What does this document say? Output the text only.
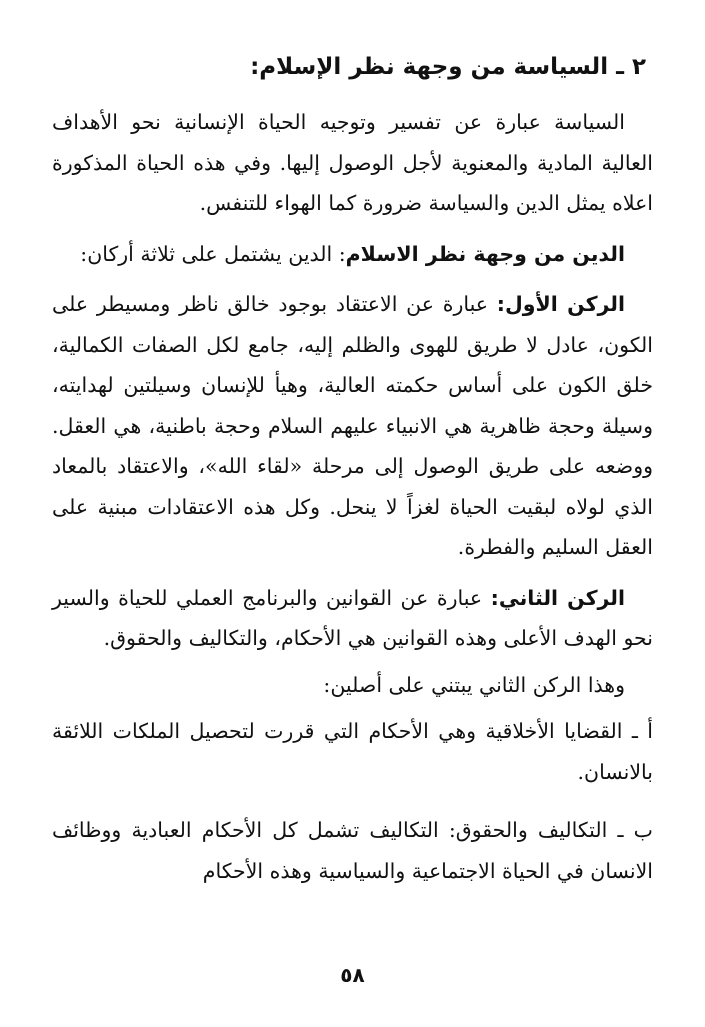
٢ ـ السياسة من وجهة نظر الإسلام:

السياسة عبارة عن تفسير وتوجيه الحياة الإنسانية نحو الأهداف العالية المادية والمعنوية لأجل الوصول إليها. وفي هذه الحياة المذكورة اعلاه يمثل الدين والسياسة ضرورة كما الهواء للتنفس.

الدين من وجهة نظر الاسلام: الدين يشتمل على ثلاثة أركان:

الركن الأول: عبارة عن الاعتقاد بوجود خالق ناظر ومسيطر على الكون، عادل لا طريق للهوى والظلم إليه، جامع لكل الصفات الكمالية، خلق الكون على أساس حكمته العالية، وهيأ للإنسان وسيلتين لهدايته، وسيلة وحجة ظاهرية هي الانبياء عليهم السلام وحجة باطنية، هي العقل. ووضعه على طريق الوصول إلى مرحلة «لقاء الله»، والاعتقاد بالمعاد الذي لولاه لبقيت الحياة لغزاً لا ينحل. وكل هذه الاعتقادات مبنية على العقل السليم والفطرة.

الركن الثاني: عبارة عن القوانين والبرنامج العملي للحياة والسير نحو الهدف الأعلى وهذه القوانين هي الأحكام، والتكاليف والحقوق.

وهذا الركن الثاني يبتني على أصلين:

أ ـ القضايا الأخلاقية وهي الأحكام التي قررت لتحصيل الملكات اللائقة بالانسان.

ب ـ التكاليف والحقوق: التكاليف تشمل كل الأحكام العبادية ووظائف الانسان في الحياة الاجتماعية والسياسية وهذه الأحكام

٥٨
